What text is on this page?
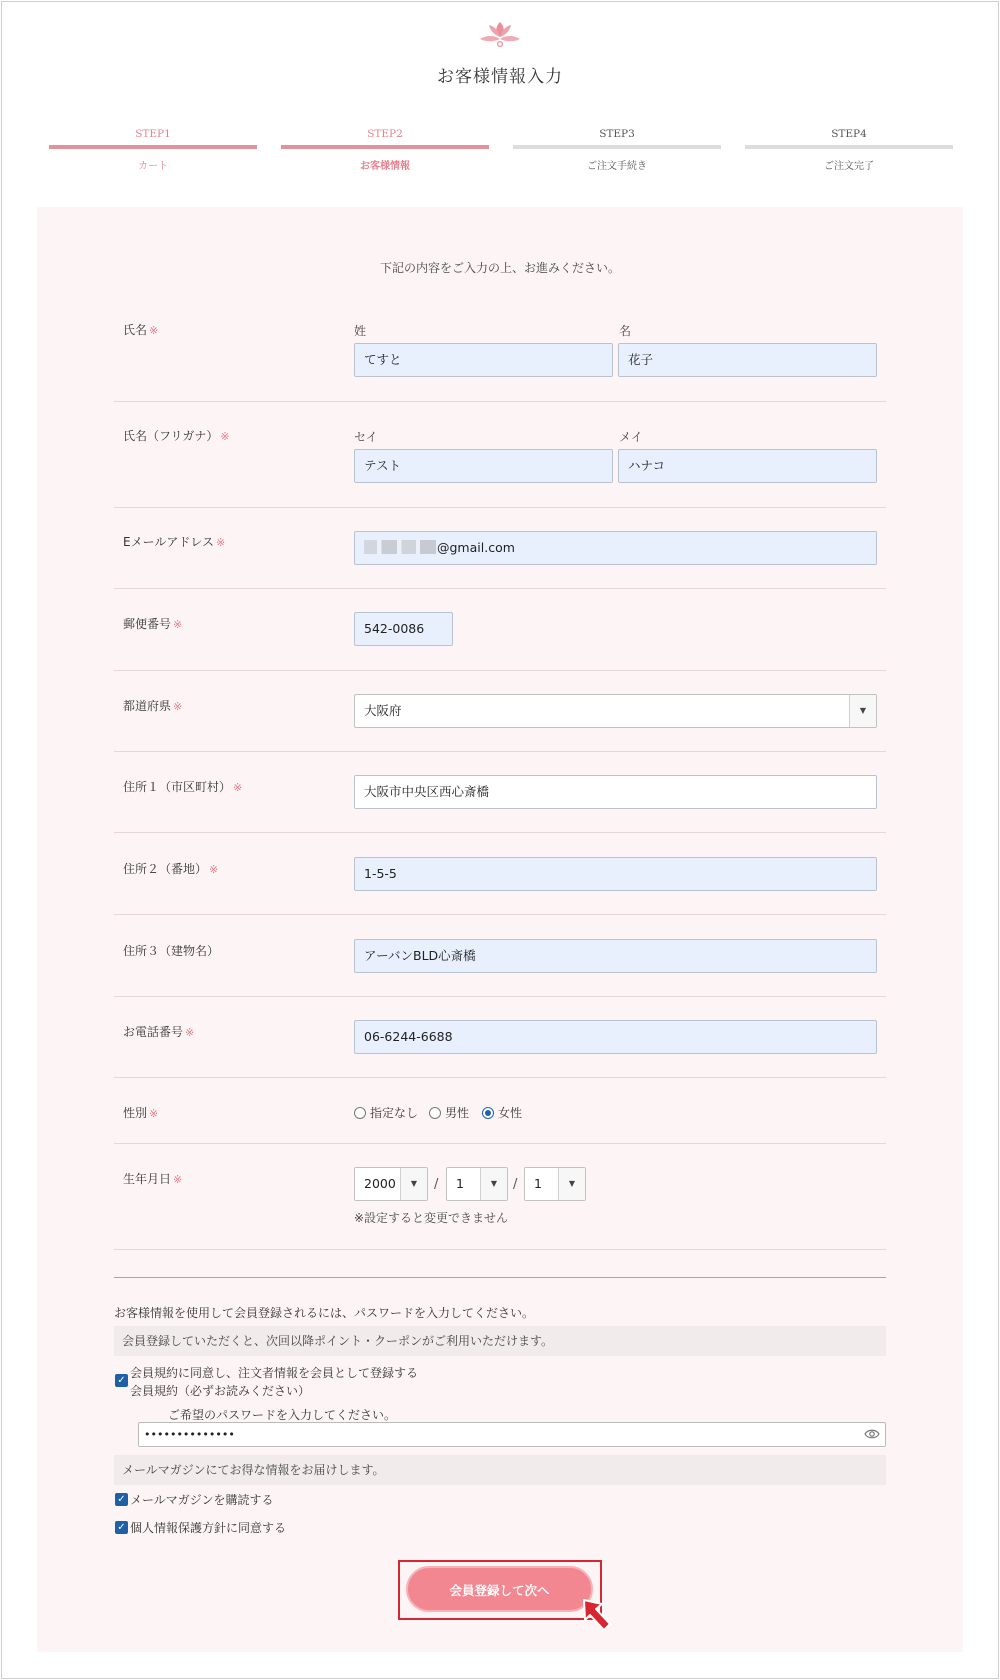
お客様情報入力
STEP1
カート
STEP2
お客様情報
STEP3
ご注文手続き
STEP4
ご注文完了
下記の内容をご入力の上、お進みください。
氏名 ※	姓	名
てすと	花子
氏名（フリガナ） ※	セイ	メイ
テスト	ハナコ
Eメールアドレス ※	@gmail.com
郵便番号 ※	542-0086
都道府県 ※	大阪府	▼
住所１（市区町村） ※	大阪市中央区西心斎橋
住所２（番地） ※	1-5-5
住所３（建物名）	アーバンBLD心斎橋
お電話番号 ※	06-6244-6688
性別 ※	指定なし	男性	女性
生年月日 ※	2000	▼	/	1	▼	/	1	▼
※設定すると変更できません
お客様情報を使用して会員登録されるには、パスワードを入力してください。
会員登録していただくと、次回以降ポイント・クーポンがご利用いただけます。
✓
会員規約に同意し、注文者情報を会員として登録する
会員規約（必ずお読みください）
ご希望のパスワードを入力してください。
••••••••••••••
メールマガジンにてお得な情報をお届けします。
✓ メールマガジンを購読する
✓ 個人情報保護方針に同意する
会員登録して次へ
